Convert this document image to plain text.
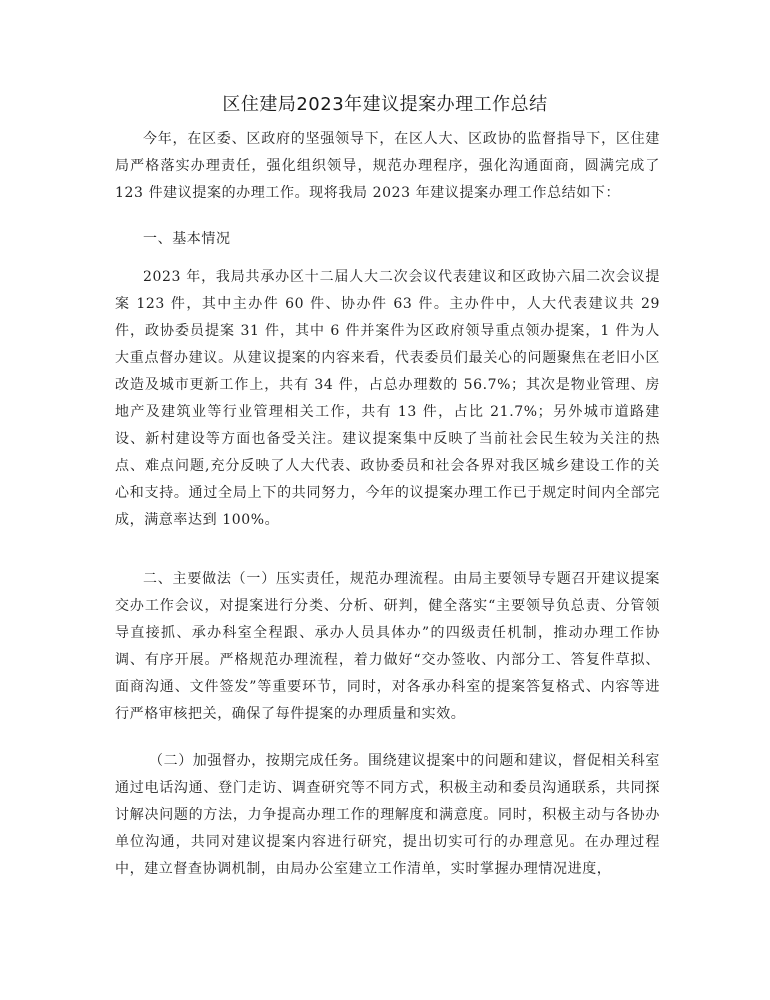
区住建局2023年建议提案办理工作总结

今年，在区委、区政府的坚强领导下，在区人大、区政协的监督指导下，区住建局严格落实办理责任，强化组织领导，规范办理程序，强化沟通面商，圆满完成了 123 件建议提案的办理工作。现将我局 2023 年建议提案办理工作总结如下：

一、基本情况

2023 年，我局共承办区十二届人大二次会议代表建议和区政协六届二次会议提案 123 件，其中主办件 60 件、协办件 63 件。主办件中，人大代表建议共 29 件，政协委员提案 31 件，其中 6 件并案件为区政府领导重点领办提案，1 件为人大重点督办建议。从建议提案的内容来看，代表委员们最关心的问题聚焦在老旧小区改造及城市更新工作上，共有 34 件，占总办理数的 56.7%；其次是物业管理、房地产及建筑业等行业管理相关工作，共有 13 件，占比 21.7%；另外城市道路建设、新村建设等方面也备受关注。建议提案集中反映了当前社会民生较为关注的热点、难点问题,充分反映了人大代表、政协委员和社会各界对我区城乡建设工作的关心和支持。通过全局上下的共同努力，今年的议提案办理工作已于规定时间内全部完成，满意率达到 100%。

二、主要做法（一）压实责任，规范办理流程。由局主要领导专题召开建议提案交办工作会议，对提案进行分类、分析、研判，健全落实“主要领导负总责、分管领导直接抓、承办科室全程跟、承办人员具体办”的四级责任机制，推动办理工作协调、有序开展。严格规范办理流程，着力做好“交办签收、内部分工、答复件草拟、面商沟通、文件签发”等重要环节，同时，对各承办科室的提案答复格式、内容等进行严格审核把关，确保了每件提案的办理质量和实效。

（二）加强督办，按期完成任务。围绕建议提案中的问题和建议，督促相关科室通过电话沟通、登门走访、调查研究等不同方式，积极主动和委员沟通联系，共同探讨解决问题的方法，力争提高办理工作的理解度和满意度。同时，积极主动与各协办单位沟通，共同对建议提案内容进行研究，提出切实可行的办理意见。在办理过程中，建立督查协调机制，由局办公室建立工作清单，实时掌握办理情况进度，
